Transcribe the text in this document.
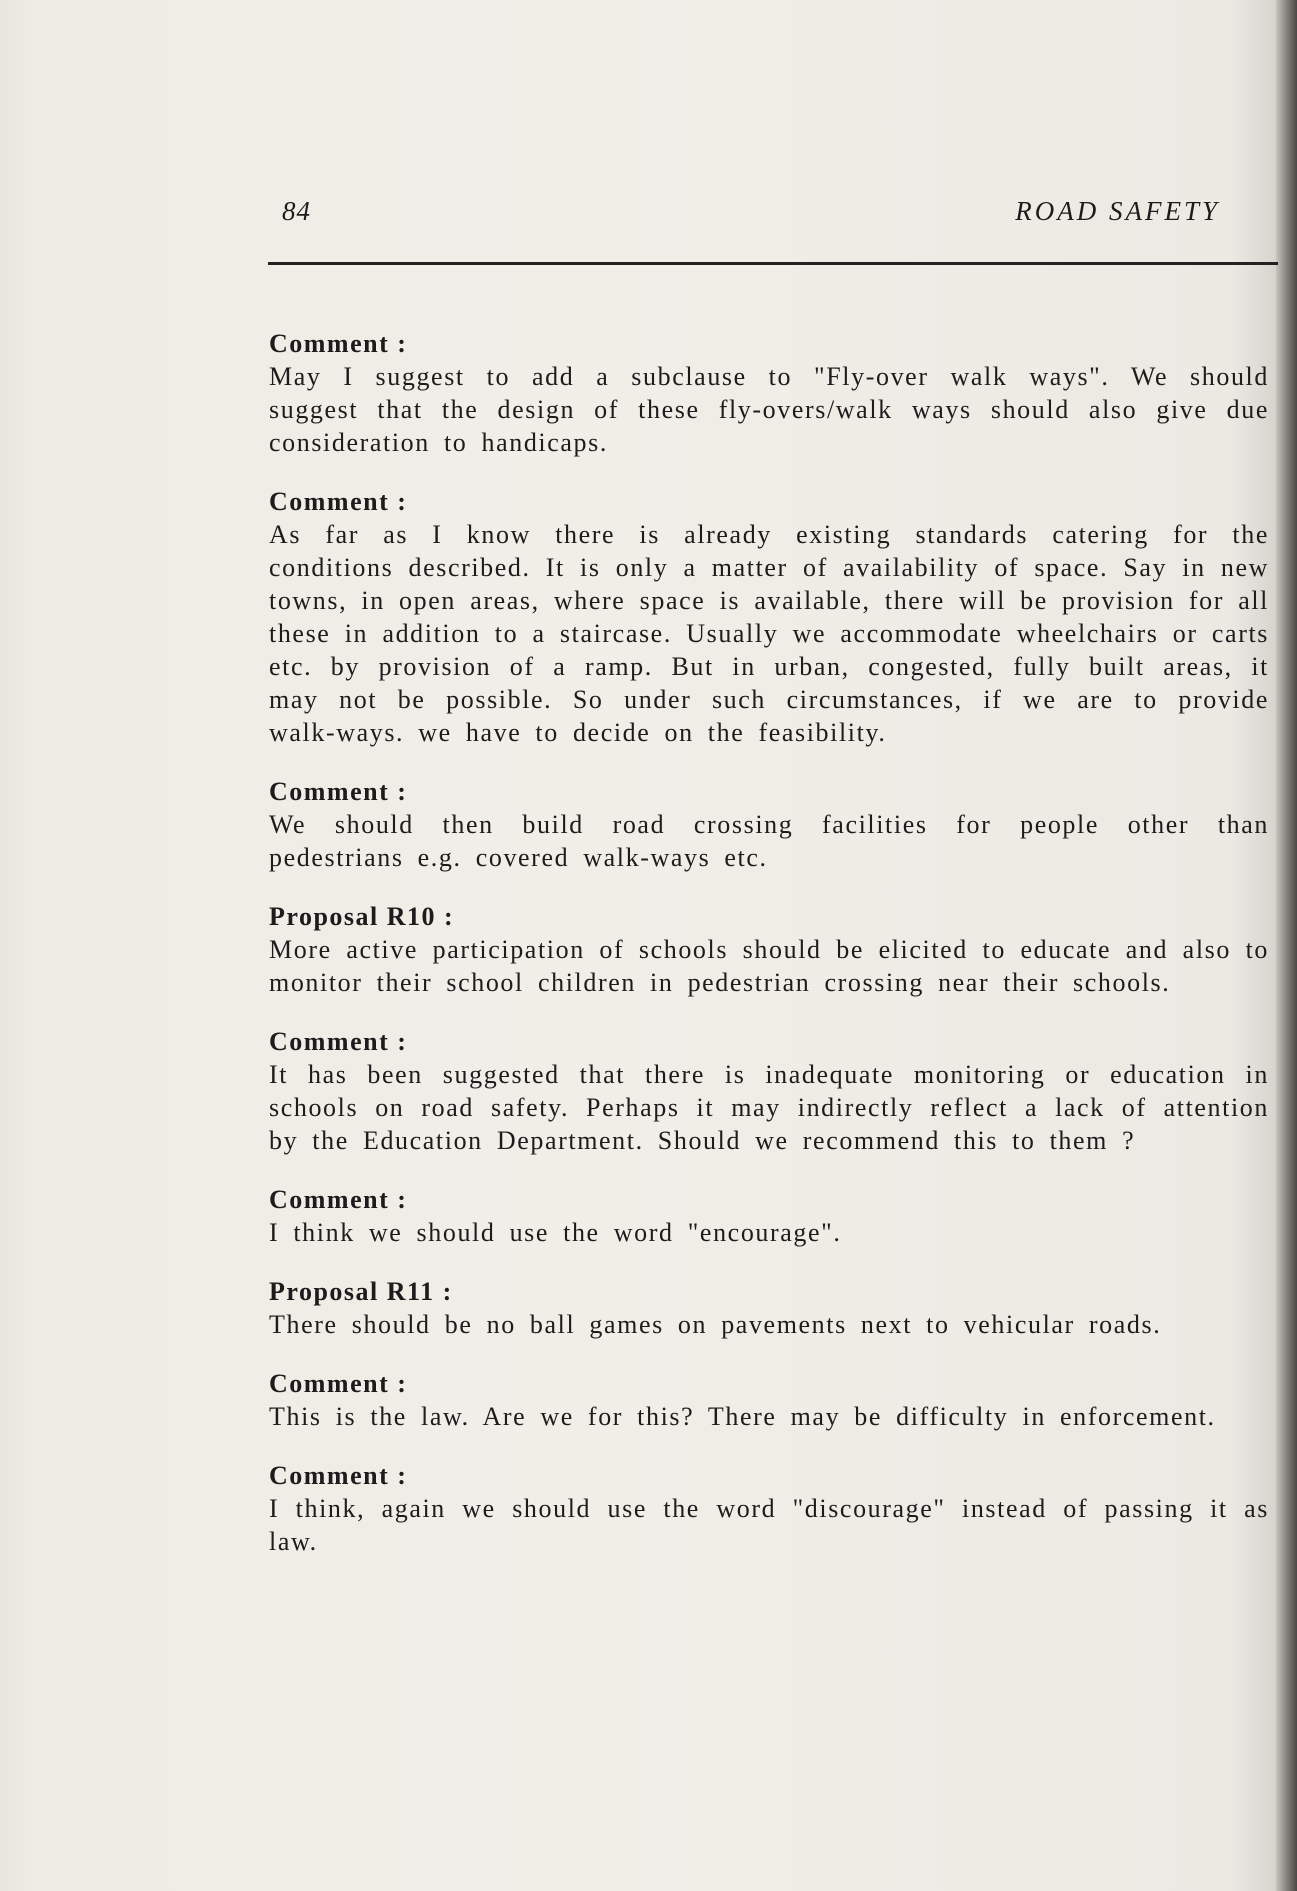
84	ROAD SAFETY
Comment :
May I suggest to add a subclause to "Fly-over walk ways". We should suggest that the design of these fly-overs/walk ways should also give due consideration to handicaps.
Comment :
As far as I know there is already existing standards catering for the conditions described. It is only a matter of availability of space. Say in new towns, in open areas, where space is available, there will be provision for all these in addition to a staircase. Usually we accommodate wheelchairs or carts etc. by provision of a ramp. But in urban, congested, fully built areas, it may not be possible. So under such circumstances, if we are to provide walk-ways. we have to decide on the feasibility.
Comment :
We should then build road crossing facilities for people other than pedestrians e.g. covered walk-ways etc.
Proposal R10 :
More active participation of schools should be elicited to educate and also to monitor their school children in pedestrian crossing near their schools.
Comment :
It has been suggested that there is inadequate monitoring or education in schools on road safety. Perhaps it may indirectly reflect a lack of attention by the Education Department. Should we recommend this to them ?
Comment :
I think we should use the word "encourage".
Proposal R11 :
There should be no ball games on pavements next to vehicular roads.
Comment :
This is the law. Are we for this? There may be difficulty in enforcement.
Comment :
I think, again we should use the word "discourage" instead of passing it as law.
